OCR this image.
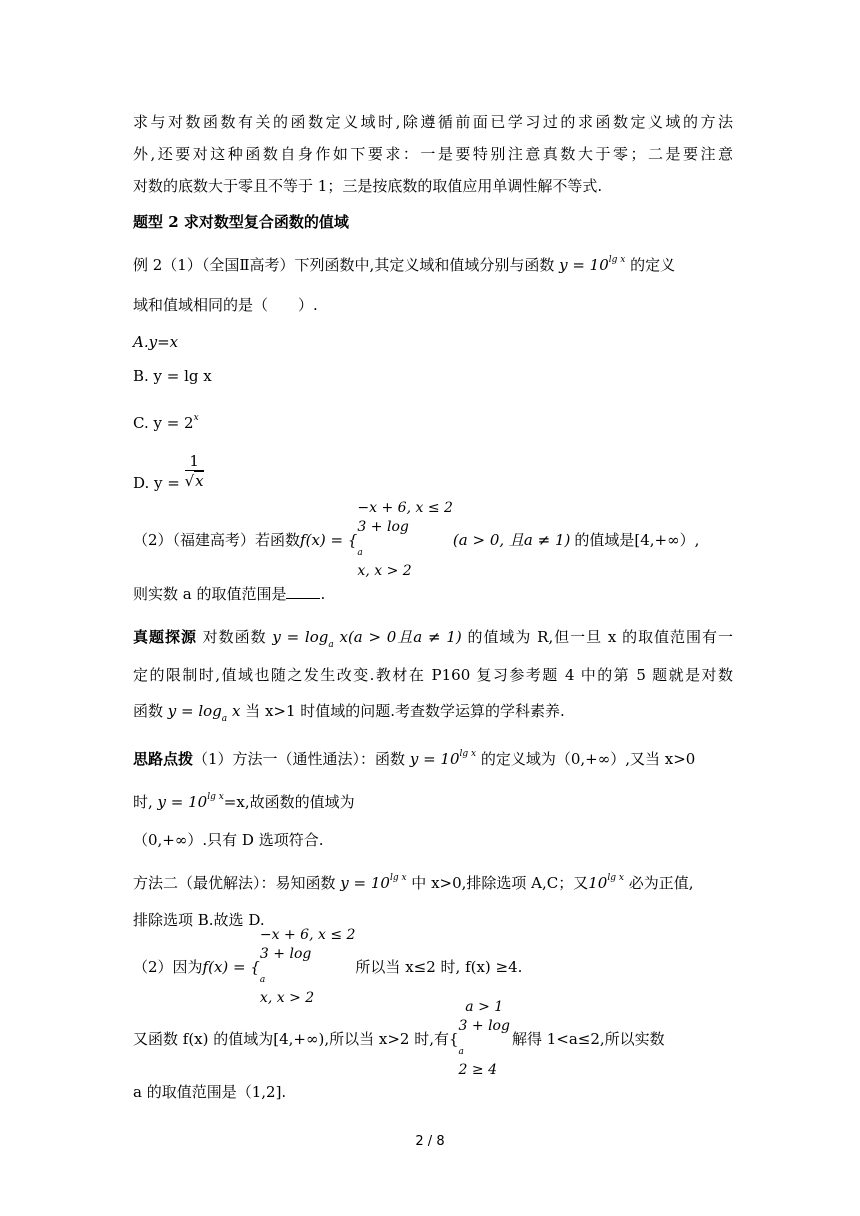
求与对数函数有关的函数定义域时,除遵循前面已学习过的求函数定义域的方法
外,还要对这种函数自身作如下要求：一是要特别注意真数大于零；二是要注意
对数的底数大于零且不等于 1；三是按底数的取值应用单调性解不等式.
题型 2 求对数型复合函数的值域
例 2（1）（全国Ⅱ高考）下列函数中,其定义域和值域分别与函数 $y = 10^{lg x}$ 的定义
域和值域相同的是（　　）.
A.y=x
B. y = lg x
C. $y = 2^x$
D. $y = \frac{1}{√x}$
（2）（福建高考）若函数 f(x) = {
−x + 6, x ≤ 2
3 + log
$_a$
x, x > 2
(a > 0, 且a ≠ 1) 的值域是[4,+∞）,
则实数 a 的取值范围是 .
真题探源 对数函数 $y = \log_a x(a > 0$且a ≠ 1) 的值域为 R,但一旦 x 的取值范围有一
定的限制时,值域也随之发生改变.教材在 P160 复习参考题 4 中的第 5 题就是对数
函数 $y = \log_a x$ 当 x>1 时值域的问题.考查数学运算的学科素养.
思路点拨（1）方法一（通性通法）：函数 $y = 10^{lg x}$ 的定义域为（0,+∞）,又当 x>0
时, $y = 10^{lg x}=x$,故函数的值域为
（0,+∞）.只有 D 选项符合.
方法二（最优解法）：易知函数 $y = 10^{lg x}$ 中 x>0,排除选项 A,C；又$10^{lg x}$ 必为正值,
排除选项 B.故选 D.
（2）因为 f(x) = {
−x + 6, x ≤ 2
3 + log
$_a$
x, x > 2
所以当 x≤2 时, f(x) ≥4.
又函数 f(x) 的值域为[4,+∞),所以当 x>2 时,有{
a > 1
3 + log
$_a$
2 ≥ 4
解得 1<a≤2,所以实数
a 的取值范围是（1,2].
2 / 8
